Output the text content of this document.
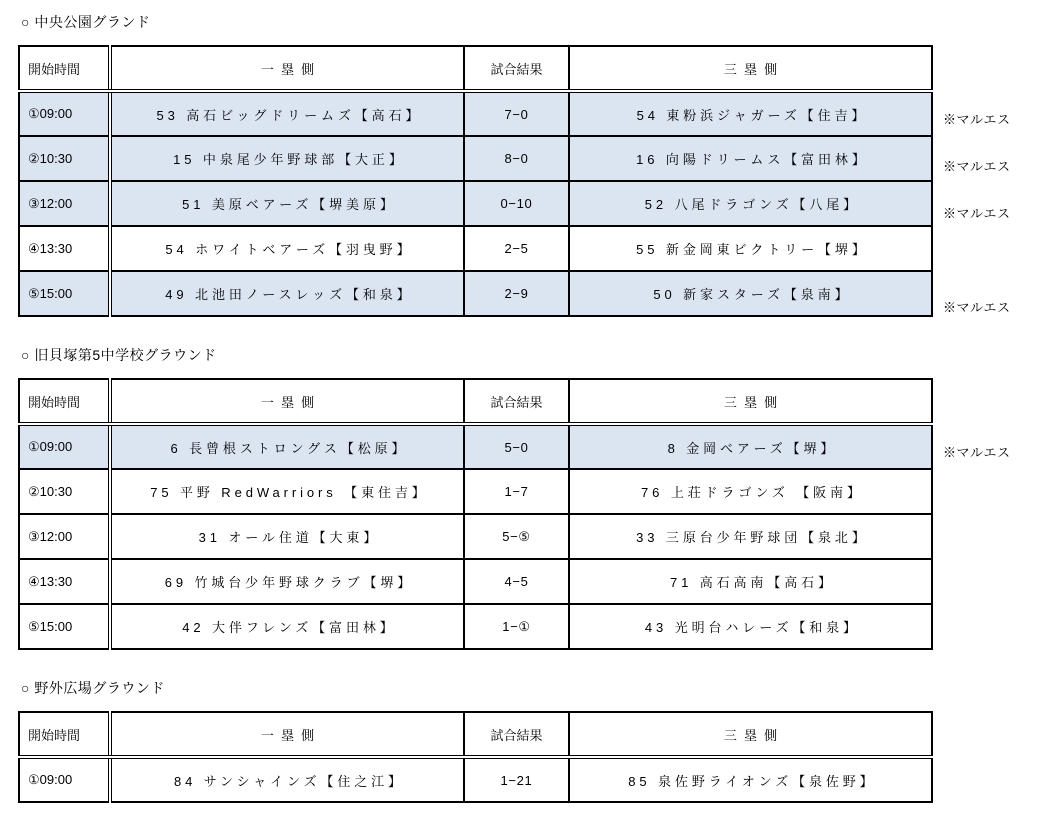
○ 中央公園グランド
開始時間	一塁側	試合結果	三塁側
①09:00	53 高石ビッグドリームズ【高石】	7−0	54 東粉浜ジャガーズ【住吉】
②10:30	15 中泉尾少年野球部【大正】	8−0	16 向陽ドリームス【富田林】
③12:00	51 美原ベアーズ【堺美原】	0−10	52 八尾ドラゴンズ【八尾】
④13:30	54 ホワイトベアーズ【羽曳野】	2−5	55 新金岡東ビクトリー【堺】
⑤15:00	49 北池田ノースレッズ【和泉】	2−9	50 新家スターズ【泉南】
※マルエス
※マルエス
※マルエス
※マルエス
○ 旧貝塚第5中学校グラウンド
開始時間	一塁側	試合結果	三塁側
①09:00	6 長曾根ストロングス【松原】	5−0	8 金岡ベアーズ【堺】
②10:30	75 平野 RedWarriors 【東住吉】	1−7	76 上荘ドラゴンズ 【阪南】
③12:00	31 オール住道【大東】	5−⑤	33 三原台少年野球団【泉北】
④13:30	69 竹城台少年野球クラブ【堺】	4−5	71 高石高南【高石】
⑤15:00	42 大伴フレンズ【富田林】	1−①	43 光明台ハレーズ【和泉】
※マルエス
○ 野外広場グラウンド
開始時間	一塁側	試合結果	三塁側
①09:00	84 サンシャインズ【住之江】	1−21	85 泉佐野ライオンズ【泉佐野】
